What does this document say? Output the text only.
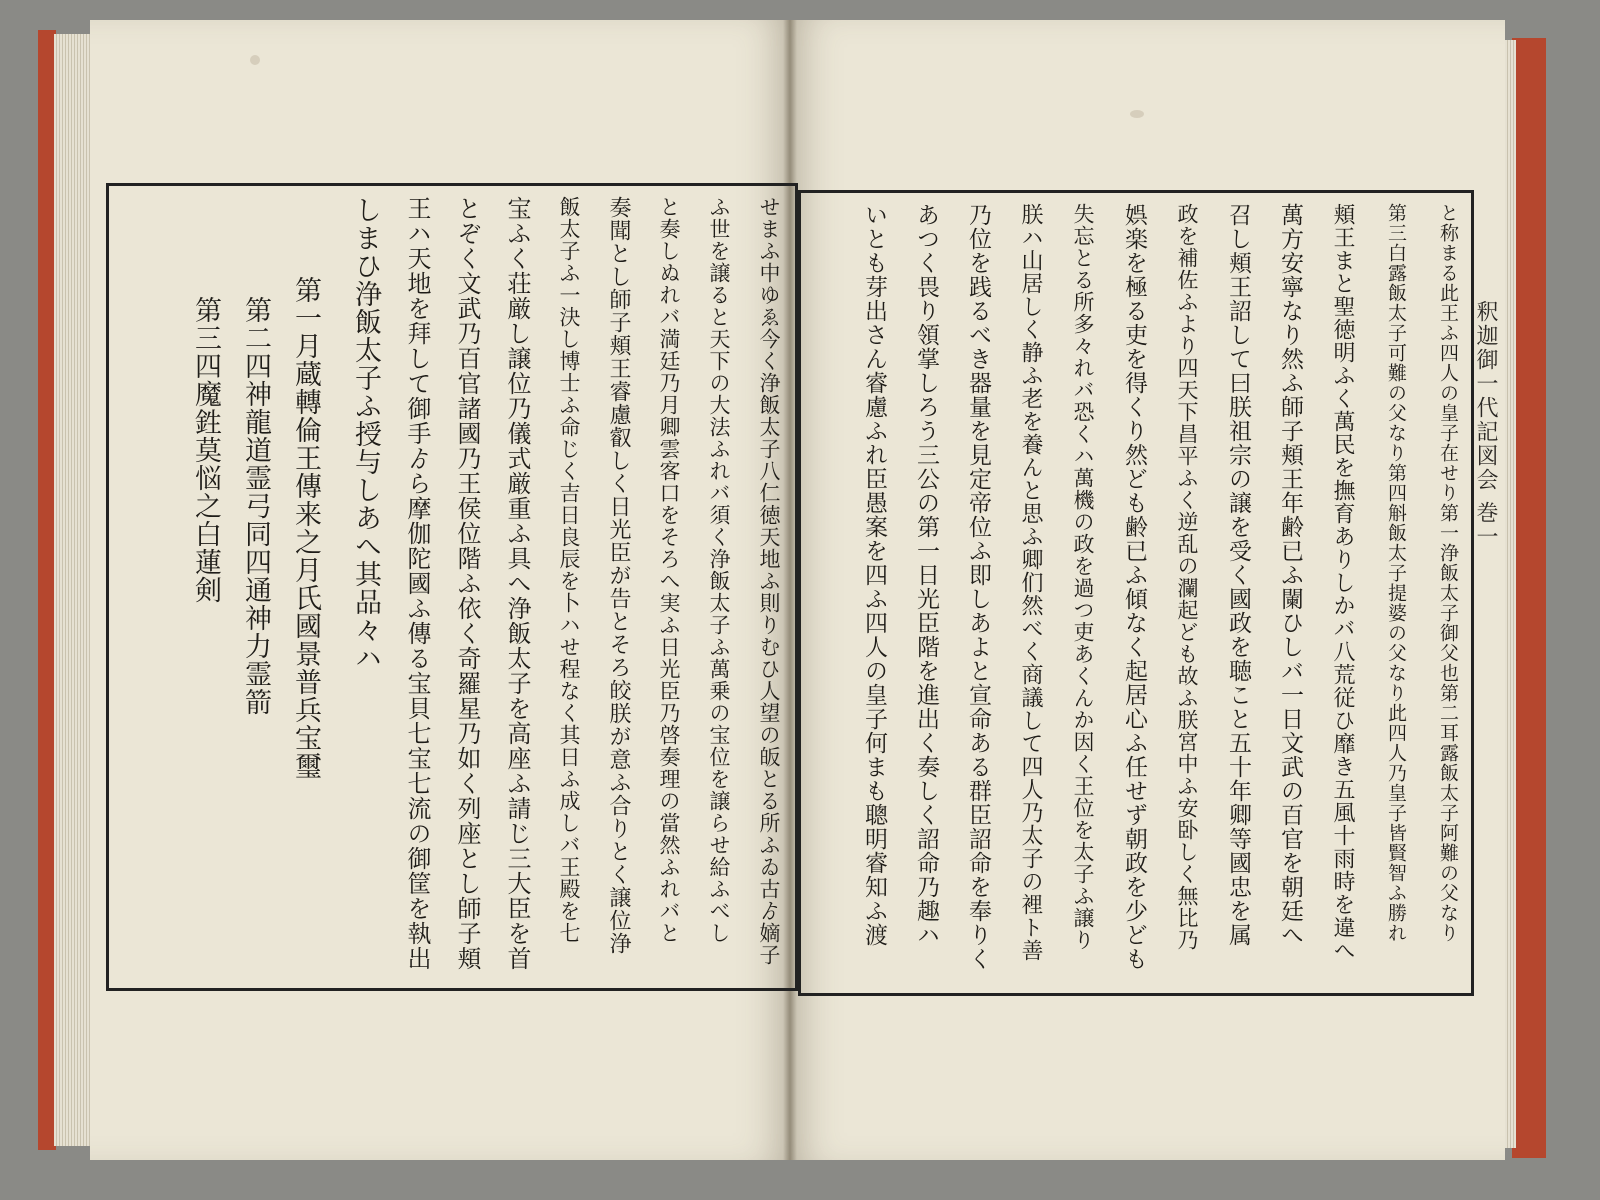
釈迦御一代記図会 巻一
せまふ中ゆゑ今く浄飯太子八仁徳天地ふ則りむひ人望の皈とる所ふゐ古ゟ嫡子
ふ世を譲ると天下の大法ふれバ須く浄飯太子ふ萬乗の宝位を譲らせ給ふべし
と奏しぬれバ満廷乃月卿雲客口をそろへ実ふ日光臣乃啓奏理の當然ふれバと
奏聞とし師子頬王睿慮叡しく日光臣が告とそろ皎朕が意ふ合りとく譲位浄
飯太子ふ一決し博士ふ命じく吉日良辰を卜ハせ程なく其日ふ成しバ王殿を七
宝ふく荘厳し譲位乃儀式厳重ふ具へ浄飯太子を高座ふ請じ三大臣を首
とぞく文武乃百官諸國乃王侯位階ふ依く奇羅星乃如く列座とし師子頬
王ハ天地を拜して御手ゟら摩伽陀國ふ傳る宝貝七宝七流の御筐を執出
しまひ浄飯太子ふ授与しあへ其品々ハ
第一月蔵轉倫王傳来之月氏國景普兵宝璽
第二四神龍道霊弓同四通神力霊箭
第三四魔鉎莫悩之白蓮剣	と称まる此王ふ四人の皇子在せり第一浄飯太子御父也第二耳露飯太子阿難の父なり
第三白露飯太子可難の父なり第四斛飯太子提婆の父なり此四人乃皇子皆賢智ふ勝れ
頬王まと聖徳明ふく萬民を撫育ありしかバ八荒従ひ靡き五風十雨時を違へ
萬方安寧なり然ふ師子頬王年齢已ふ闌ひしバ一日文武の百官を朝廷へ
召し頬王詔して曰朕祖宗の譲を受く國政を聴こと五十年卿等國忠を属
政を補佐ふより四天下昌平ふく逆乱の瀾起ども故ふ朕宮中ふ安卧しく無比乃
娯楽を極る吏を得くり然ども齢已ふ傾なく起居心ふ任せず朝政を少ども
失忘とる所多々れバ恐くハ萬機の政を過つ吏あくんか因く王位を太子ふ譲り
朕ハ山居しく静ふ老を養んと思ふ卿们然べく商議して四人乃太子の裡ト善
乃位を践るべき器量を見定帝位ふ即しあよと宣命ある群臣詔命を奉りく
あつく畏り領掌しろう三公の第一日光臣階を進出く奏しく詔命乃趣ハ
いとも芽出さん睿慮ふれ臣愚案を四ふ四人の皇子何まも聰明睿知ふ渡
